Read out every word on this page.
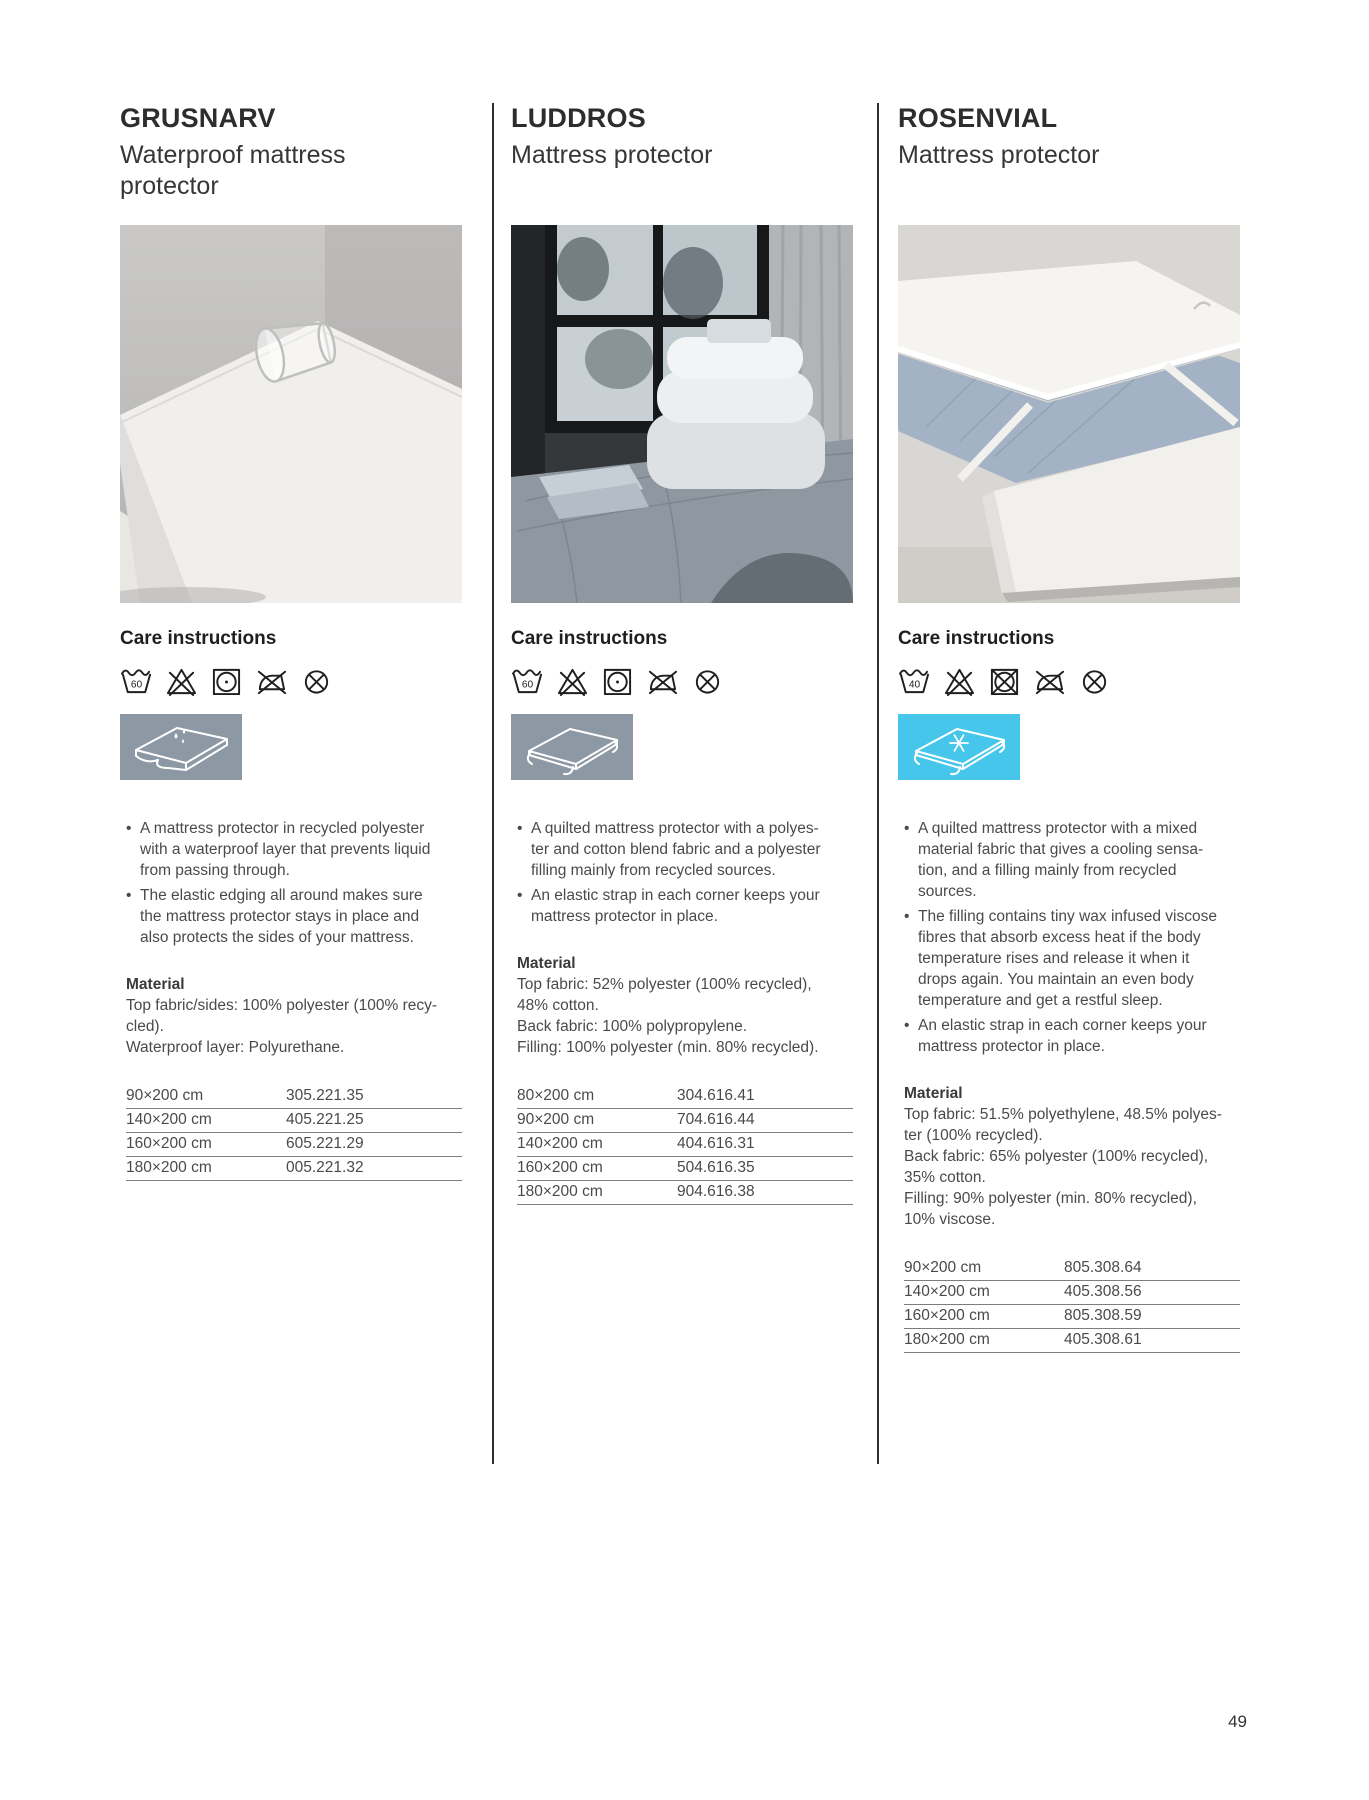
GRUSNARV
Waterproof mattress
protector
Care instructions
60
• A mattress protector in recycled polyester
with a waterproof layer that prevents liquid
from passing through.
• The elastic edging all around makes sure
the mattress protector stays in place and
also protects the sides of your mattress.
Material
Top fabric/sides: 100% polyester (100% recy-
cled).
Waterproof layer: Polyurethane.
90×200 cm	305.221.35
140×200 cm	405.221.25
160×200 cm	605.221.29
180×200 cm	005.221.32
LUDDROS
Mattress protector
Care instructions
60
• A quilted mattress protector with a polyes-
ter and cotton blend fabric and a polyester
filling mainly from recycled sources.
• An elastic strap in each corner keeps your
mattress protector in place.
Material
Top fabric: 52% polyester (100% recycled),
48% cotton.
Back fabric: 100% polypropylene.
Filling: 100% polyester (min. 80% recycled).
80×200 cm	304.616.41
90×200 cm	704.616.44
140×200 cm	404.616.31
160×200 cm	504.616.35
180×200 cm	904.616.38
ROSENVIAL
Mattress protector
Care instructions
40
• A quilted mattress protector with a mixed
material fabric that gives a cooling sensa-
tion, and a filling mainly from recycled
sources.
• The filling contains tiny wax infused viscose
fibres that absorb excess heat if the body
temperature rises and release it when it
drops again. You maintain an even body
temperature and get a restful sleep.
• An elastic strap in each corner keeps your
mattress protector in place.
Material
Top fabric: 51.5% polyethylene, 48.5% polyes-
ter (100% recycled).
Back fabric: 65% polyester (100% recycled),
35% cotton.
Filling: 90% polyester (min. 80% recycled),
10% viscose.
90×200 cm	805.308.64
140×200 cm	405.308.56
160×200 cm	805.308.59
180×200 cm	405.308.61
49
